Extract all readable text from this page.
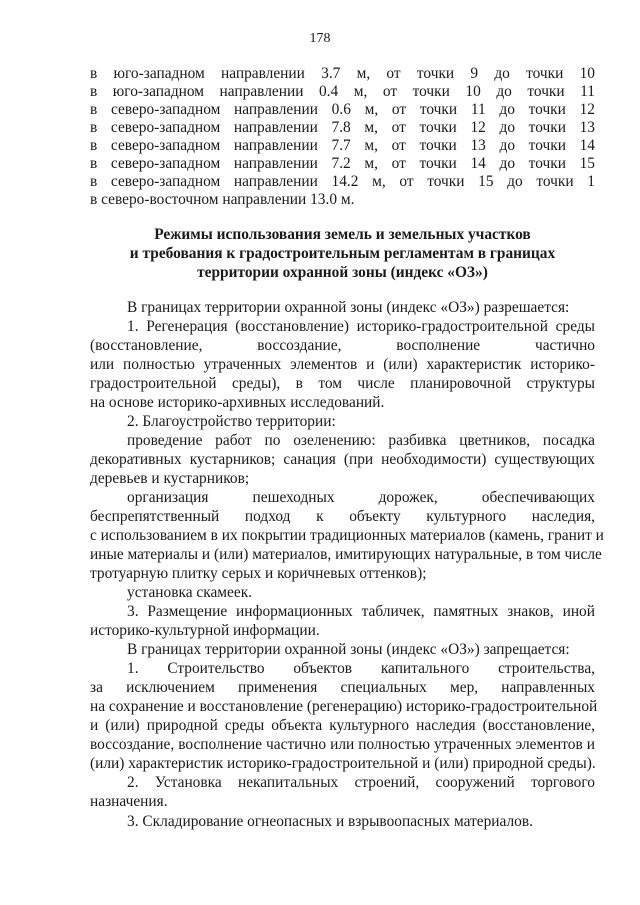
178
в юго-западном направлении 3.7 м, от точки 9 до точки 10
в юго-западном направлении 0.4 м, от точки 10 до точки 11
в северо-западном направлении 0.6 м, от точки 11 до точки 12
в северо-западном направлении 7.8 м, от точки 12 до точки 13
в северо-западном направлении 7.7 м, от точки 13 до точки 14
в северо-западном направлении 7.2 м, от точки 14 до точки 15
в северо-западном направлении 14.2 м, от точки 15 до точки 1
в северо-восточном направлении 13.0 м.
Режимы использования земель и земельных участков
и требования к градостроительным регламентам в границах
территории охранной зоны (индекс «ОЗ»)
В границах территории охранной зоны (индекс «ОЗ») разрешается:
1. Регенерация (восстановление) историко-градостроительной среды
(восстановление, воссоздание, восполнение частично
или полностью утраченных элементов и (или) характеристик историко-
градостроительной среды), в том числе планировочной структуры
на основе историко-архивных исследований.
2. Благоустройство территории:
проведение работ по озеленению: разбивка цветников, посадка
декоративных кустарников; санация (при необходимости) существующих
деревьев и кустарников;
организация пешеходных дорожек, обеспечивающих
беспрепятственный подход к объекту культурного наследия,
с использованием в их покрытии традиционных материалов (камень, гранит и
иные материалы и (или) материалов, имитирующих натуральные, в том числе
тротуарную плитку серых и коричневых оттенков);
установка скамеек.
3. Размещение информационных табличек, памятных знаков, иной
историко-культурной информации.
В границах территории охранной зоны (индекс «ОЗ») запрещается:
1. Строительство объектов капитального строительства,
за исключением применения специальных мер, направленных
на сохранение и восстановление (регенерацию) историко-градостроительной
и (или) природной среды объекта культурного наследия (восстановление,
воссоздание, восполнение частично или полностью утраченных элементов и
(или) характеристик историко-градостроительной и (или) природной среды).
2. Установка некапитальных строений, сооружений торгового
назначения.
3. Складирование огнеопасных и взрывоопасных материалов.
